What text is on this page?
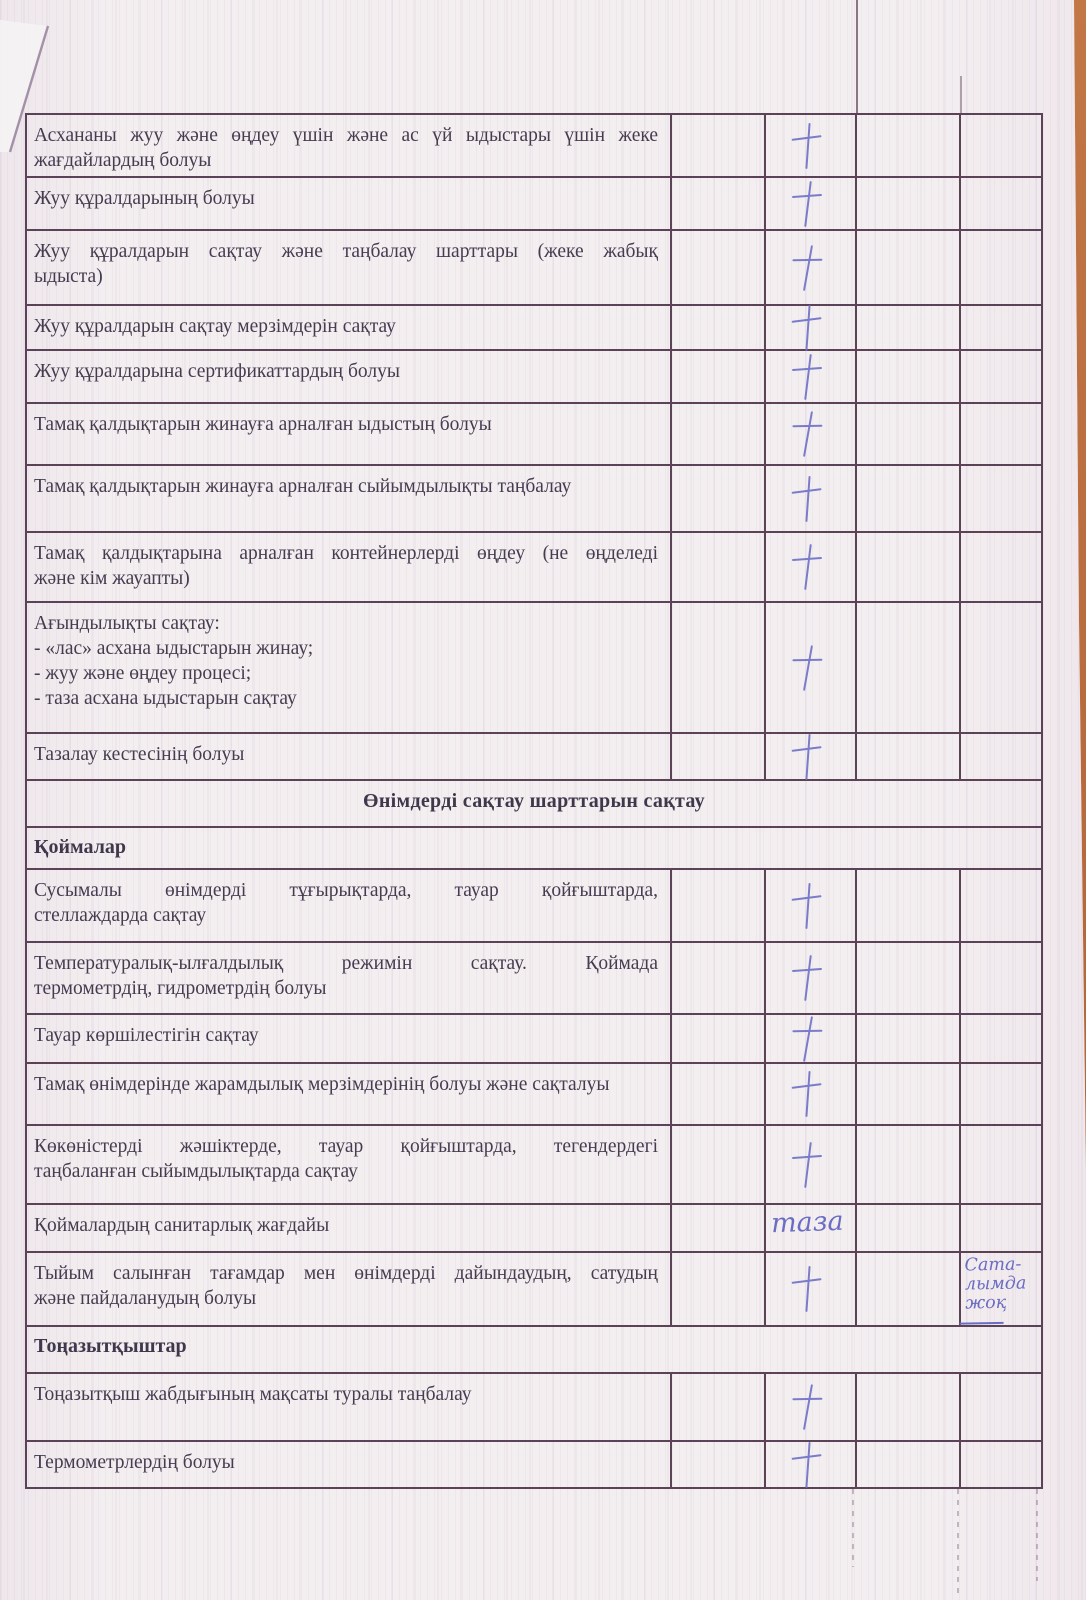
Асхананы жуу және өңдеу үшін және ас үй ыдыстары үшін жеке
жағдайлардың болуы
Жуу құралдарының болуы
Жуу құралдарын сақтау және таңбалау шарттары (жеке жабық
ыдыста)
Жуу құралдарын сақтау мерзімдерін сақтау
Жуу құралдарына сертификаттардың болуы
Тамақ қалдықтарын жинауға арналған ыдыстың болуы
Тамақ қалдықтарын жинауға арналған сыйымдылықты таңбалау
Тамақ қалдықтарына арналған контейнерлерді өңдеу (не өңделеді
және кім жауапты)
Ағындылықты сақтау:
- «лас» асхана ыдыстарын жинау;
- жуу және өңдеу процесі;
- таза асхана ыдыстарын сақтау
Тазалау кестесінің болуы
Өнімдерді сақтау шарттарын сақтау
Қоймалар
Сусымалы өнімдерді тұғырықтарда, тауар қойғыштарда,
стеллаждарда сақтау
Температуралық-ылғалдылық режимін сақтау. Қоймада
термометрдің, гидрометрдің болуы
Тауар көршілестігін сақтау
Тамақ өнімдерінде жарамдылық мерзімдерінің болуы және сақталуы
Көкөністерді жәшіктерде, тауар қойғыштарда, тегендердегі
таңбаланған сыйымдылықтарда сақтау
Қоймалардың санитарлық жағдайы	таза
Тыйым салынған тағамдар мен өнімдерді дайындаудың, сатудың
және пайдаланудың болуы
Сата-
лымда
жоқ
Тоңазытқыштар
Тоңазытқыш жабдығының мақсаты туралы таңбалау
Термометрлердің болуы
